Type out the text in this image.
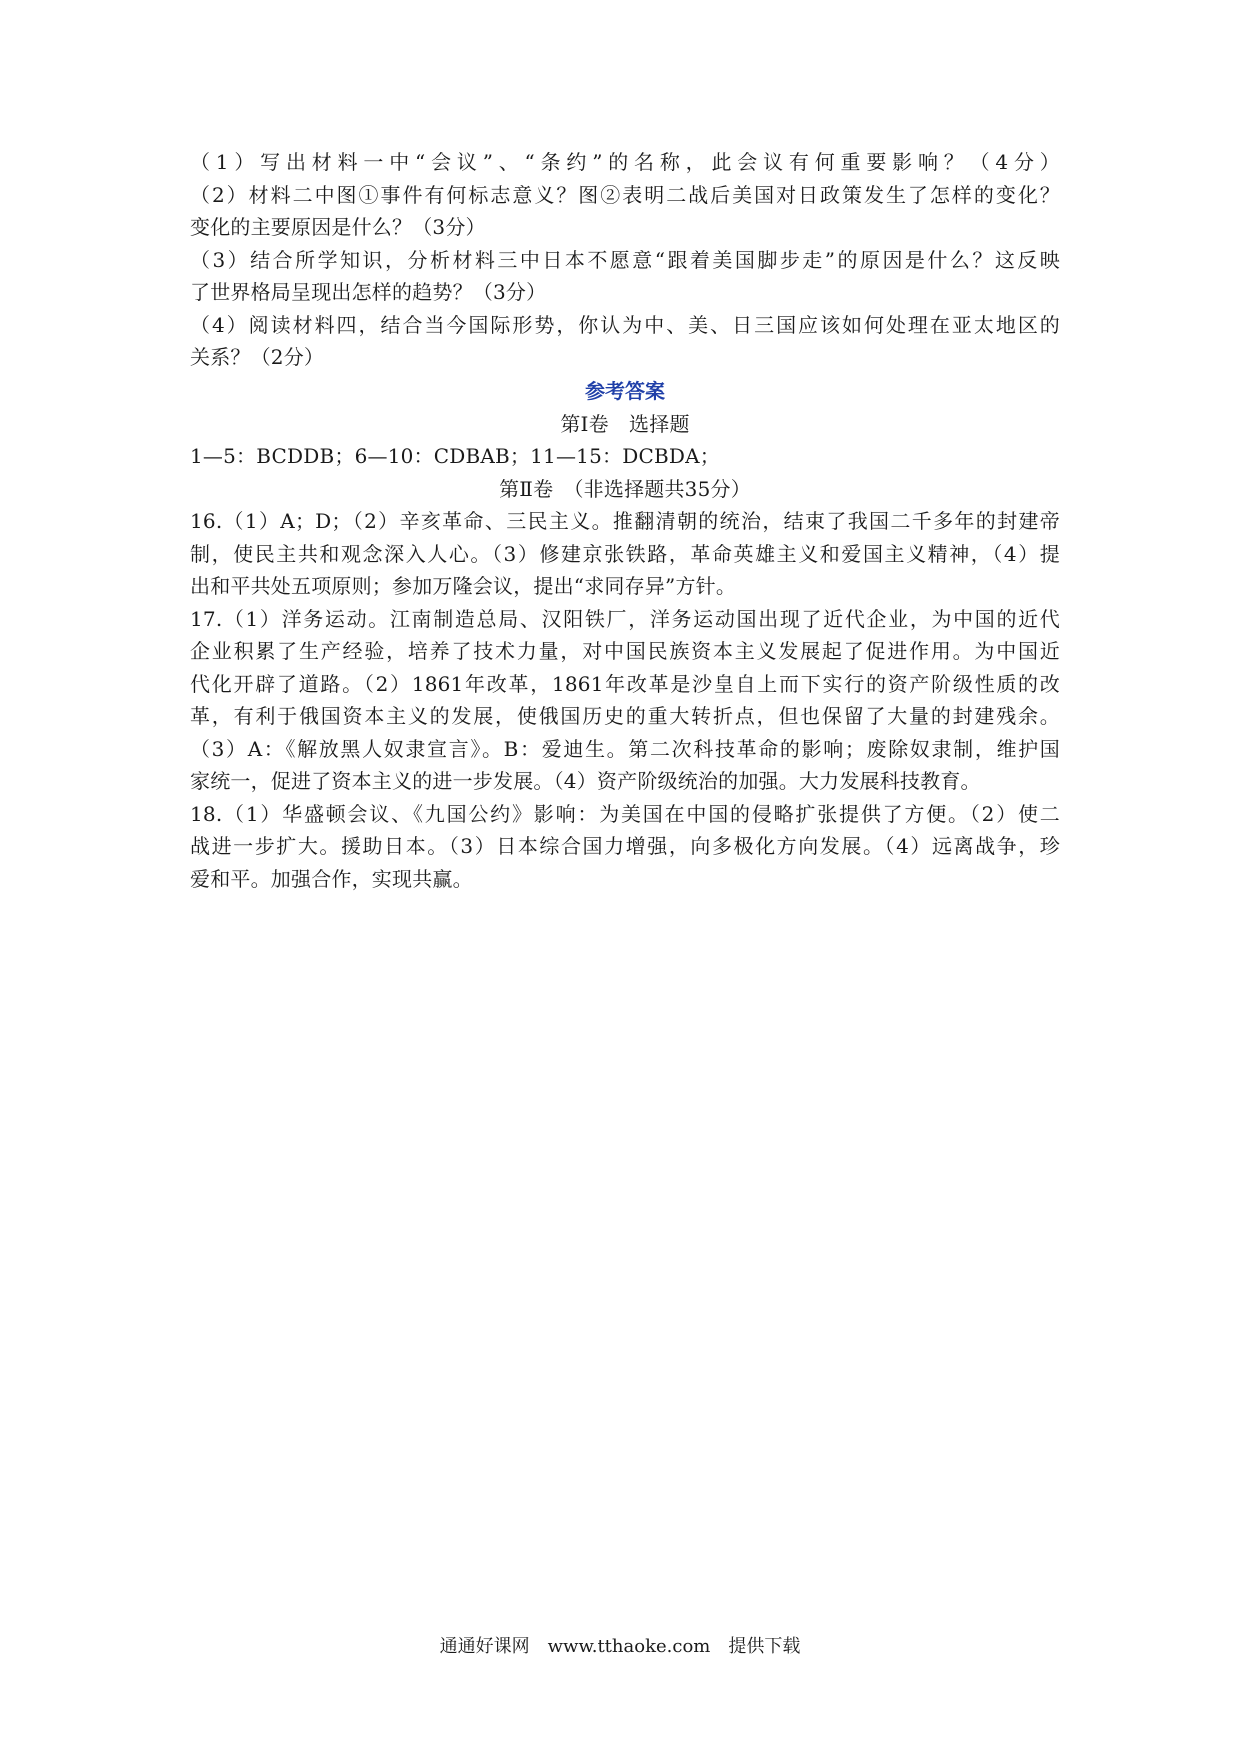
（1）写出材料一中“会议”、“条约”的名称，此会议有何重要影响？（4分）
（2）材料二中图①事件有何标志意义？图②表明二战后美国对日政策发生了怎样的变化？
变化的主要原因是什么？（3分）
（3）结合所学知识，分析材料三中日本不愿意“跟着美国脚步走”的原因是什么？这反映
了世界格局呈现出怎样的趋势？（3分）
（4）阅读材料四，结合当今国际形势，你认为中、美、日三国应该如何处理在亚太地区的
关系？（2分）
参考答案
第Ⅰ卷　选择题
1—5：BCDDB；6—10：CDBAB；11—15：DCBDA；
第Ⅱ卷　（非选择题共35分）
16.（1）A；D；（2）辛亥革命、三民主义。推翻清朝的统治，结束了我国二千多年的封建帝
制，使民主共和观念深入人心。（3）修建京张铁路，革命英雄主义和爱国主义精神，（4）提
出和平共处五项原则；参加万隆会议，提出“求同存异”方针。
17.（1）洋务运动。江南制造总局、汉阳铁厂，洋务运动国出现了近代企业，为中国的近代
企业积累了生产经验，培养了技术力量，对中国民族资本主义发展起了促进作用。为中国近
代化开辟了道路。（2）1861年改革，1861年改革是沙皇自上而下实行的资产阶级性质的改
革，有利于俄国资本主义的发展，使俄国历史的重大转折点，但也保留了大量的封建残余。
（3）A：《解放黑人奴隶宣言》。B：爱迪生。第二次科技革命的影响；废除奴隶制，维护国
家统一，促进了资本主义的进一步发展。（4）资产阶级统治的加强。大力发展科技教育。
18.（1）华盛顿会议、《九国公约》影响：为美国在中国的侵略扩张提供了方便。（2）使二
战进一步扩大。援助日本。（3）日本综合国力增强，向多极化方向发展。（4）远离战争，珍
爱和平。加强合作，实现共赢。
通通好课网　www.tthaoke.com　提供下载
